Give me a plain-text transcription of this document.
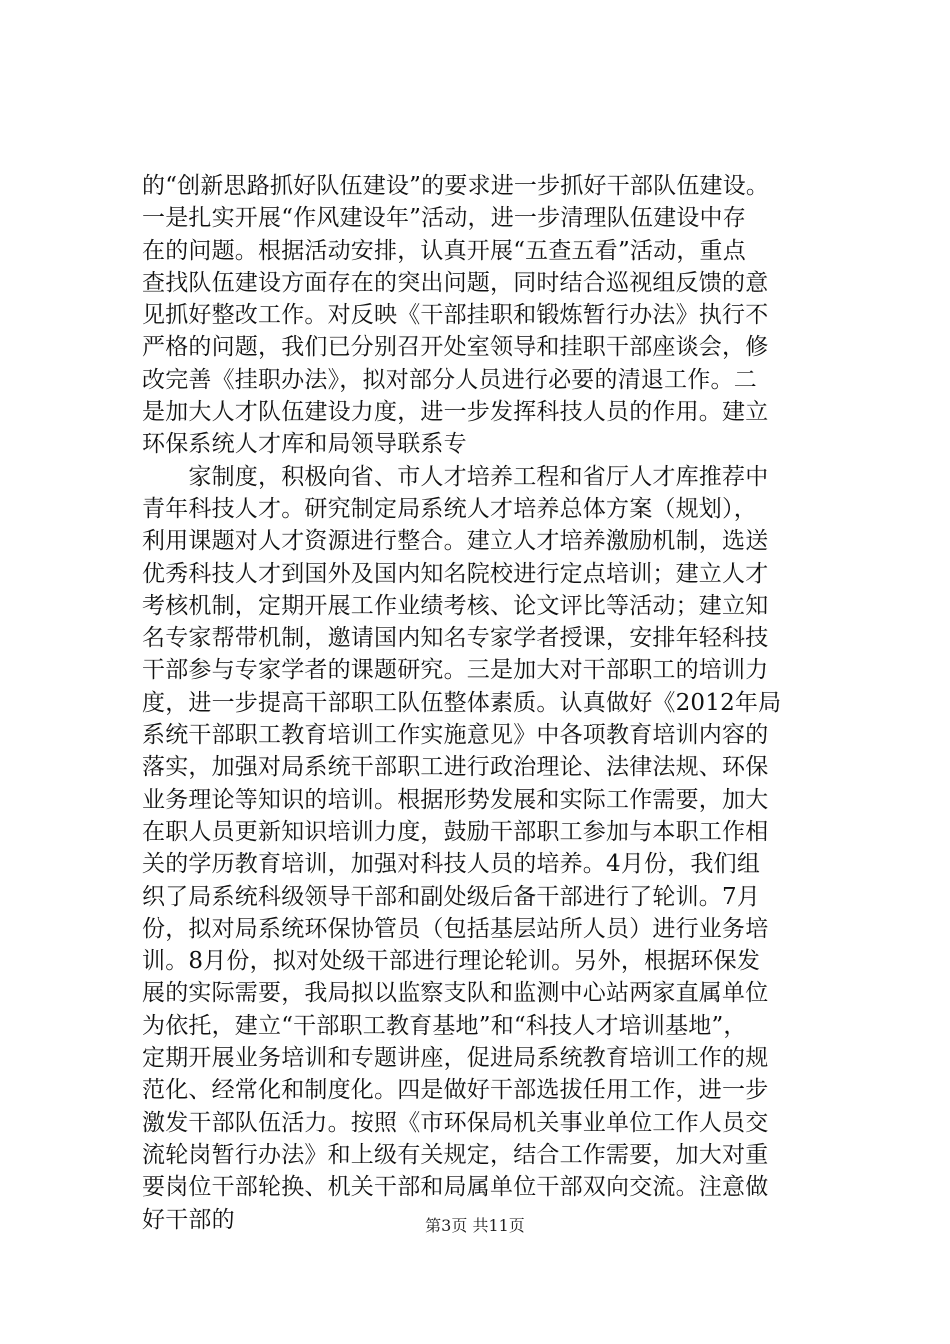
的“创新思路抓好队伍建设”的要求进一步抓好干部队伍建设。
一是扎实开展“作风建设年”活动，进一步清理队伍建设中存
在的问题。根据活动安排，认真开展“五查五看”活动，重点
查找队伍建设方面存在的突出问题，同时结合巡视组反馈的意
见抓好整改工作。对反映《干部挂职和锻炼暂行办法》执行不
严格的问题，我们已分别召开处室领导和挂职干部座谈会，修
改完善《挂职办法》，拟对部分人员进行必要的清退工作。二
是加大人才队伍建设力度，进一步发挥科技人员的作用。建立
环保系统人才库和局领导联系专
　　家制度，积极向省、市人才培养工程和省厅人才库推荐中
青年科技人才。研究制定局系统人才培养总体方案（规划），
利用课题对人才资源进行整合。建立人才培养激励机制，选送
优秀科技人才到国外及国内知名院校进行定点培训；建立人才
考核机制，定期开展工作业绩考核、论文评比等活动；建立知
名专家帮带机制，邀请国内知名专家学者授课，安排年轻科技
干部参与专家学者的课题研究。三是加大对干部职工的培训力
度，进一步提高干部职工队伍整体素质。认真做好《2012年局
系统干部职工教育培训工作实施意见》中各项教育培训内容的
落实，加强对局系统干部职工进行政治理论、法律法规、环保
业务理论等知识的培训。根据形势发展和实际工作需要，加大
在职人员更新知识培训力度，鼓励干部职工参加与本职工作相
关的学历教育培训，加强对科技人员的培养。4月份，我们组
织了局系统科级领导干部和副处级后备干部进行了轮训。7月
份，拟对局系统环保协管员（包括基层站所人员）进行业务培
训。8月份，拟对处级干部进行理论轮训。另外，根据环保发
展的实际需要，我局拟以监察支队和监测中心站两家直属单位
为依托，建立“干部职工教育基地”和“科技人才培训基地”，
定期开展业务培训和专题讲座，促进局系统教育培训工作的规
范化、经常化和制度化。四是做好干部选拔任用工作，进一步
激发干部队伍活力。按照《市环保局机关事业单位工作人员交
流轮岗暂行办法》和上级有关规定，结合工作需要，加大对重
要岗位干部轮换、机关干部和局属单位干部双向交流。注意做
好干部的	第3页 共11页
